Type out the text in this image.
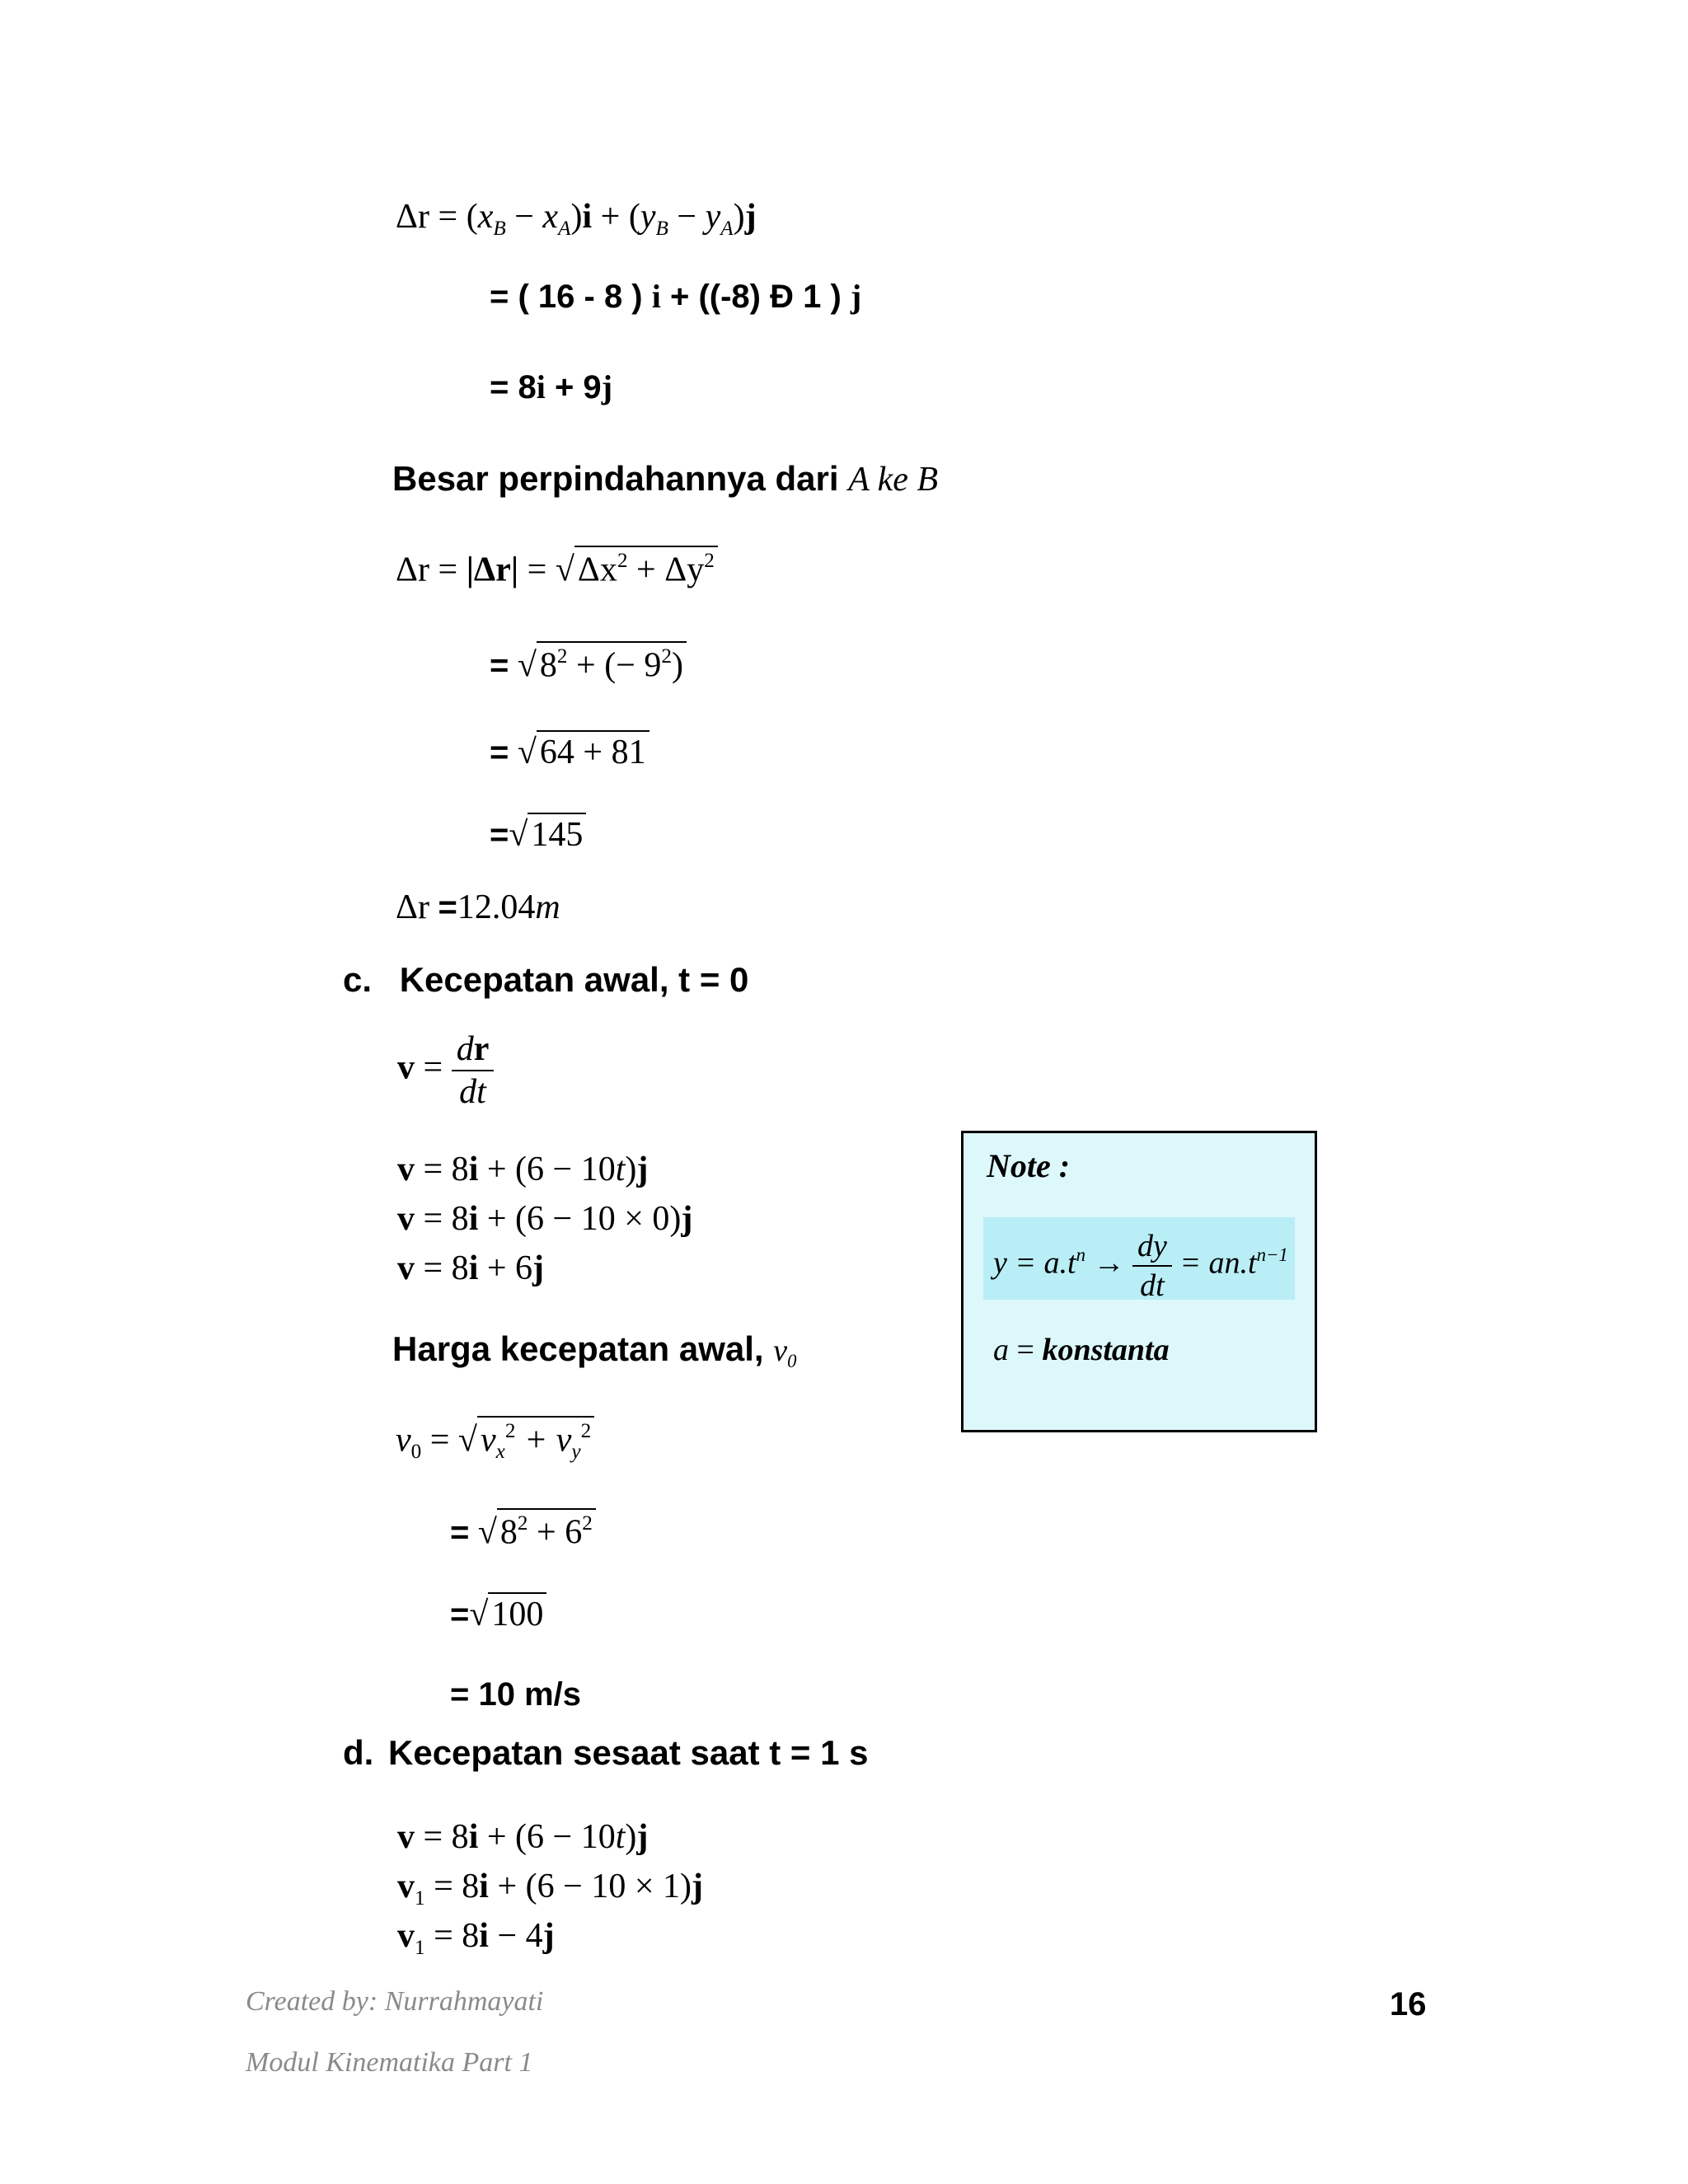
$\Delta r = (x_B - x_A)i + (y_B - y_A)j$
= ( 16 - 8 ) i + ((-8) Ð 1 ) j
= 8i + 9j
Besar perpindahannya dari A ke B
$\Delta r = |\Delta r| = √\Delta x^2 + \Delta y^2$
= $√8^2$ + (− $9^2$)
= √64 + 81
=√145
Δr =12.04m
c. Kecepatan awal, t = 0
$v = \frac{dr}{dt}$
v = 8i + (6 − 10t)j
v = 8i + (6 − 10 × 0)j
v = 8i + 6j
Harga kecepatan awal, $v_0$
$v_0 = √v_x^2 + v_y^2$
= $√8^2 + 6^2$
=√100
= 10 m/s
Note :
$y = a.t^n \to \frac{dy}{dt} = an.t^{n-1}$
a = konstanta
d. Kecepatan sesaat saat t = 1 s
v = 8i + (6 − 10t)j
$v_1 = 8i + (6 - 10 \times 1)j$
$v_1 = 8i - 4j$
Created by: Nurrahmayati	16
Modul Kinematika Part 1
